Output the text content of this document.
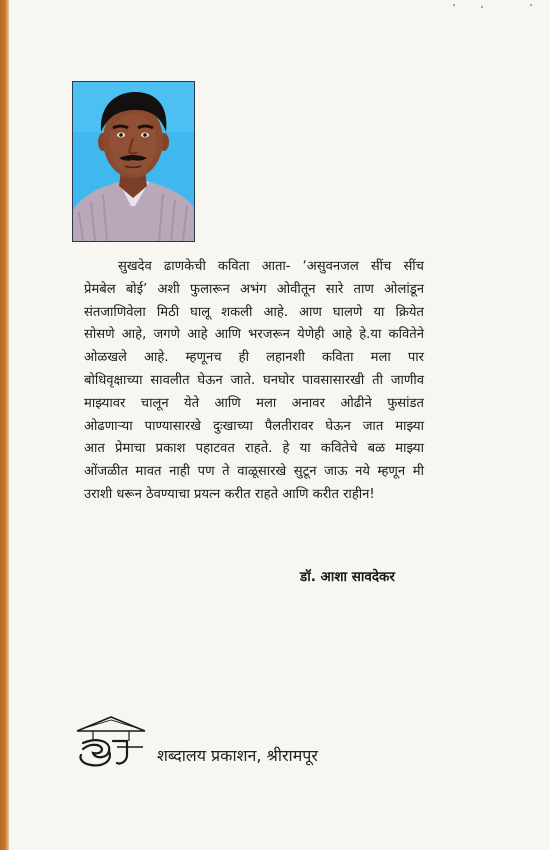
सुखदेव ढाणकेची कविता आता- ‘असुवनजल सींच सींच
प्रेमबेल बोई’ अशी फुलारून अभंग ओवीतून सारे ताण ओलांडून
संतजाणिवेला मिठी घालू शकली आहे. आण घालणे या क्रियेत
सोसणे आहे, जगणे आहे आणि भरजरून येणेही आहे हे.या कवितेने
ओळखले आहे. म्हणूनच ही लहानशी कविता मला पार
बोधिवृक्षाच्या सावलीत घेऊन जाते. घनघोर पावसासारखी ती जाणीव
माझ्यावर चालून येते आणि मला अनावर ओढीने फुसांडत
ओढणाऱ्या पाण्यासारखे दुःखाच्या पैलतीरावर घेऊन जात माझ्या
आत प्रेमाचा प्रकाश पहाटवत राहते. हे या कवितेचे बळ माझ्या
ओंजळीत मावत नाही पण ते वाळूसारखे सुटून जाऊ नये म्हणून मी
उराशी धरून ठेवण्याचा प्रयत्न करीत राहते आणि करीत राहीन!
डॉ. आशा सावदेकर
शब्दालय प्रकाशन, श्रीरामपूर
